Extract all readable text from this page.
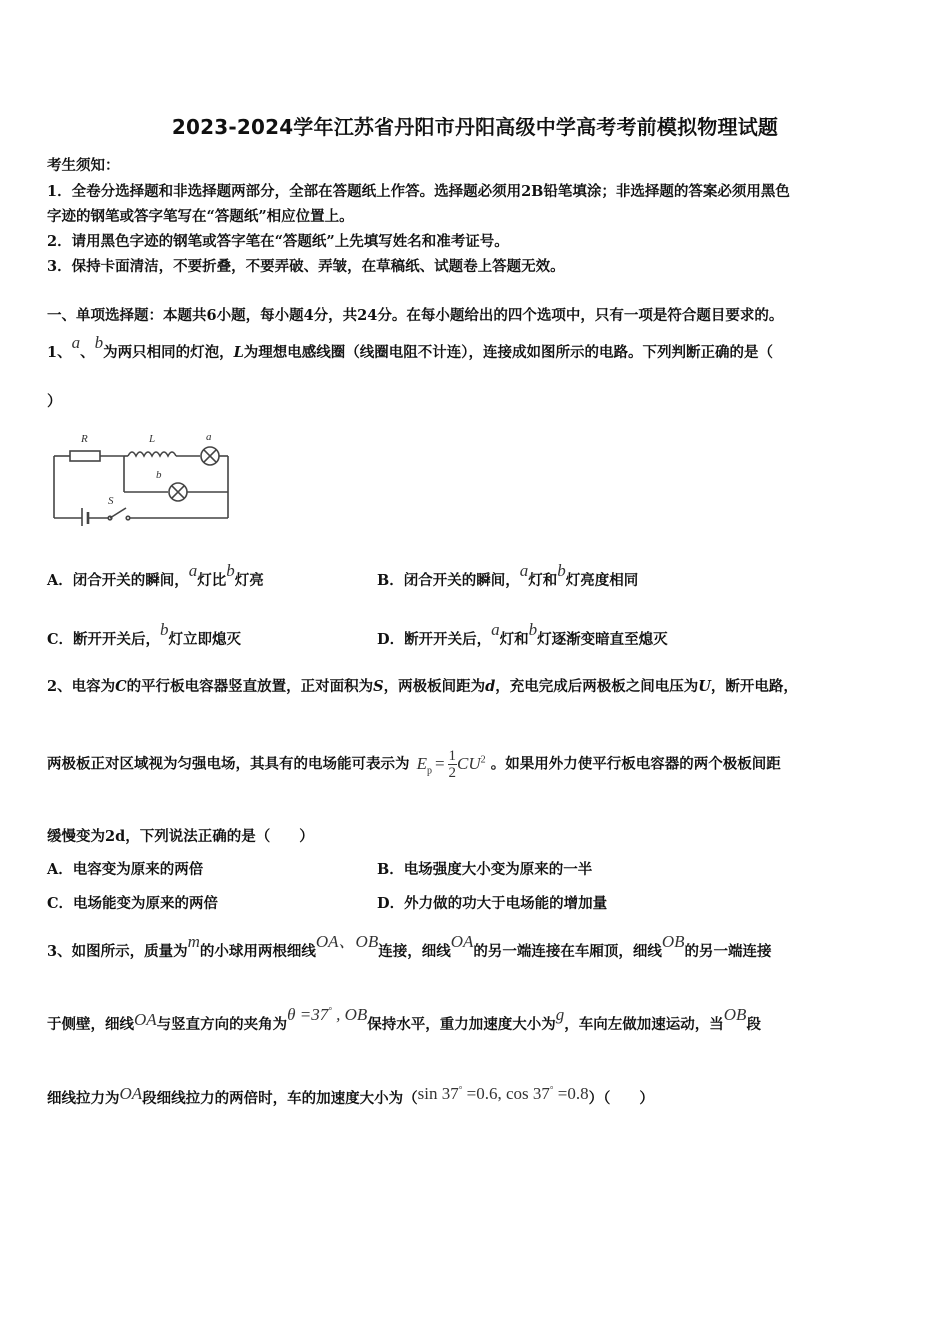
2023-2024学年江苏省丹阳市丹阳高级中学高考考前模拟物理试题
考生须知：
1．全卷分选择题和非选择题两部分，全部在答题纸上作答。选择题必须用2B铅笔填涂；非选择题的答案必须用黑色
字迹的钢笔或答字笔写在“答题纸”相应位置上。
2．请用黑色字迹的钢笔或答字笔在“答题纸”上先填写姓名和准考证号。
3．保持卡面清洁，不要折叠，不要弄破、弄皱，在草稿纸、试题卷上答题无效。
一、单项选择题：本题共6小题，每小题4分，共24分。在每小题给出的四个选项中，只有一项是符合题目要求的。
1、a、b为两只相同的灯泡，L为理想电感线圈（线圈电阻不计连），连接成如图所示的电路。下列判断正确的是（
）
R	L	a
b
S
A．闭合开关的瞬间，a灯比b灯亮	B．闭合开关的瞬间，a灯和b灯亮度相同
C．断开开关后，b灯立即熄灭	D．断开开关后，a灯和b灯逐渐变暗直至熄灭
2、电容为C的平行板电容器竖直放置，正对面积为S，两极板间距为d，充电完成后两极板之间电压为U，断开电路，
两极板正对区域视为匀强电场，其具有的电场能可表示为 $E_p = \frac{1}{2} CU^2$ 。如果用外力使平行板电容器的两个极板间距
缓慢变为2d，下列说法正确的是（　　）
A．电容变为原来的两倍	B．电场强度大小变为原来的一半
C．电场能变为原来的两倍	D．外力做的功大于电场能的增加量
3、如图所示，质量为m的小球用两根细线OA、OB连接，细线OA的另一端连接在车厢顶，细线OB的另一端连接
于侧壁，细线OA与竖直方向的夹角为θ =37° , OB保持水平，重力加速度大小为g，车向左做加速运动，当OB段
细线拉力为OA段细线拉力的两倍时，车的加速度大小为（sin 37° =0.6, cos 37° =0.8）（　　）
